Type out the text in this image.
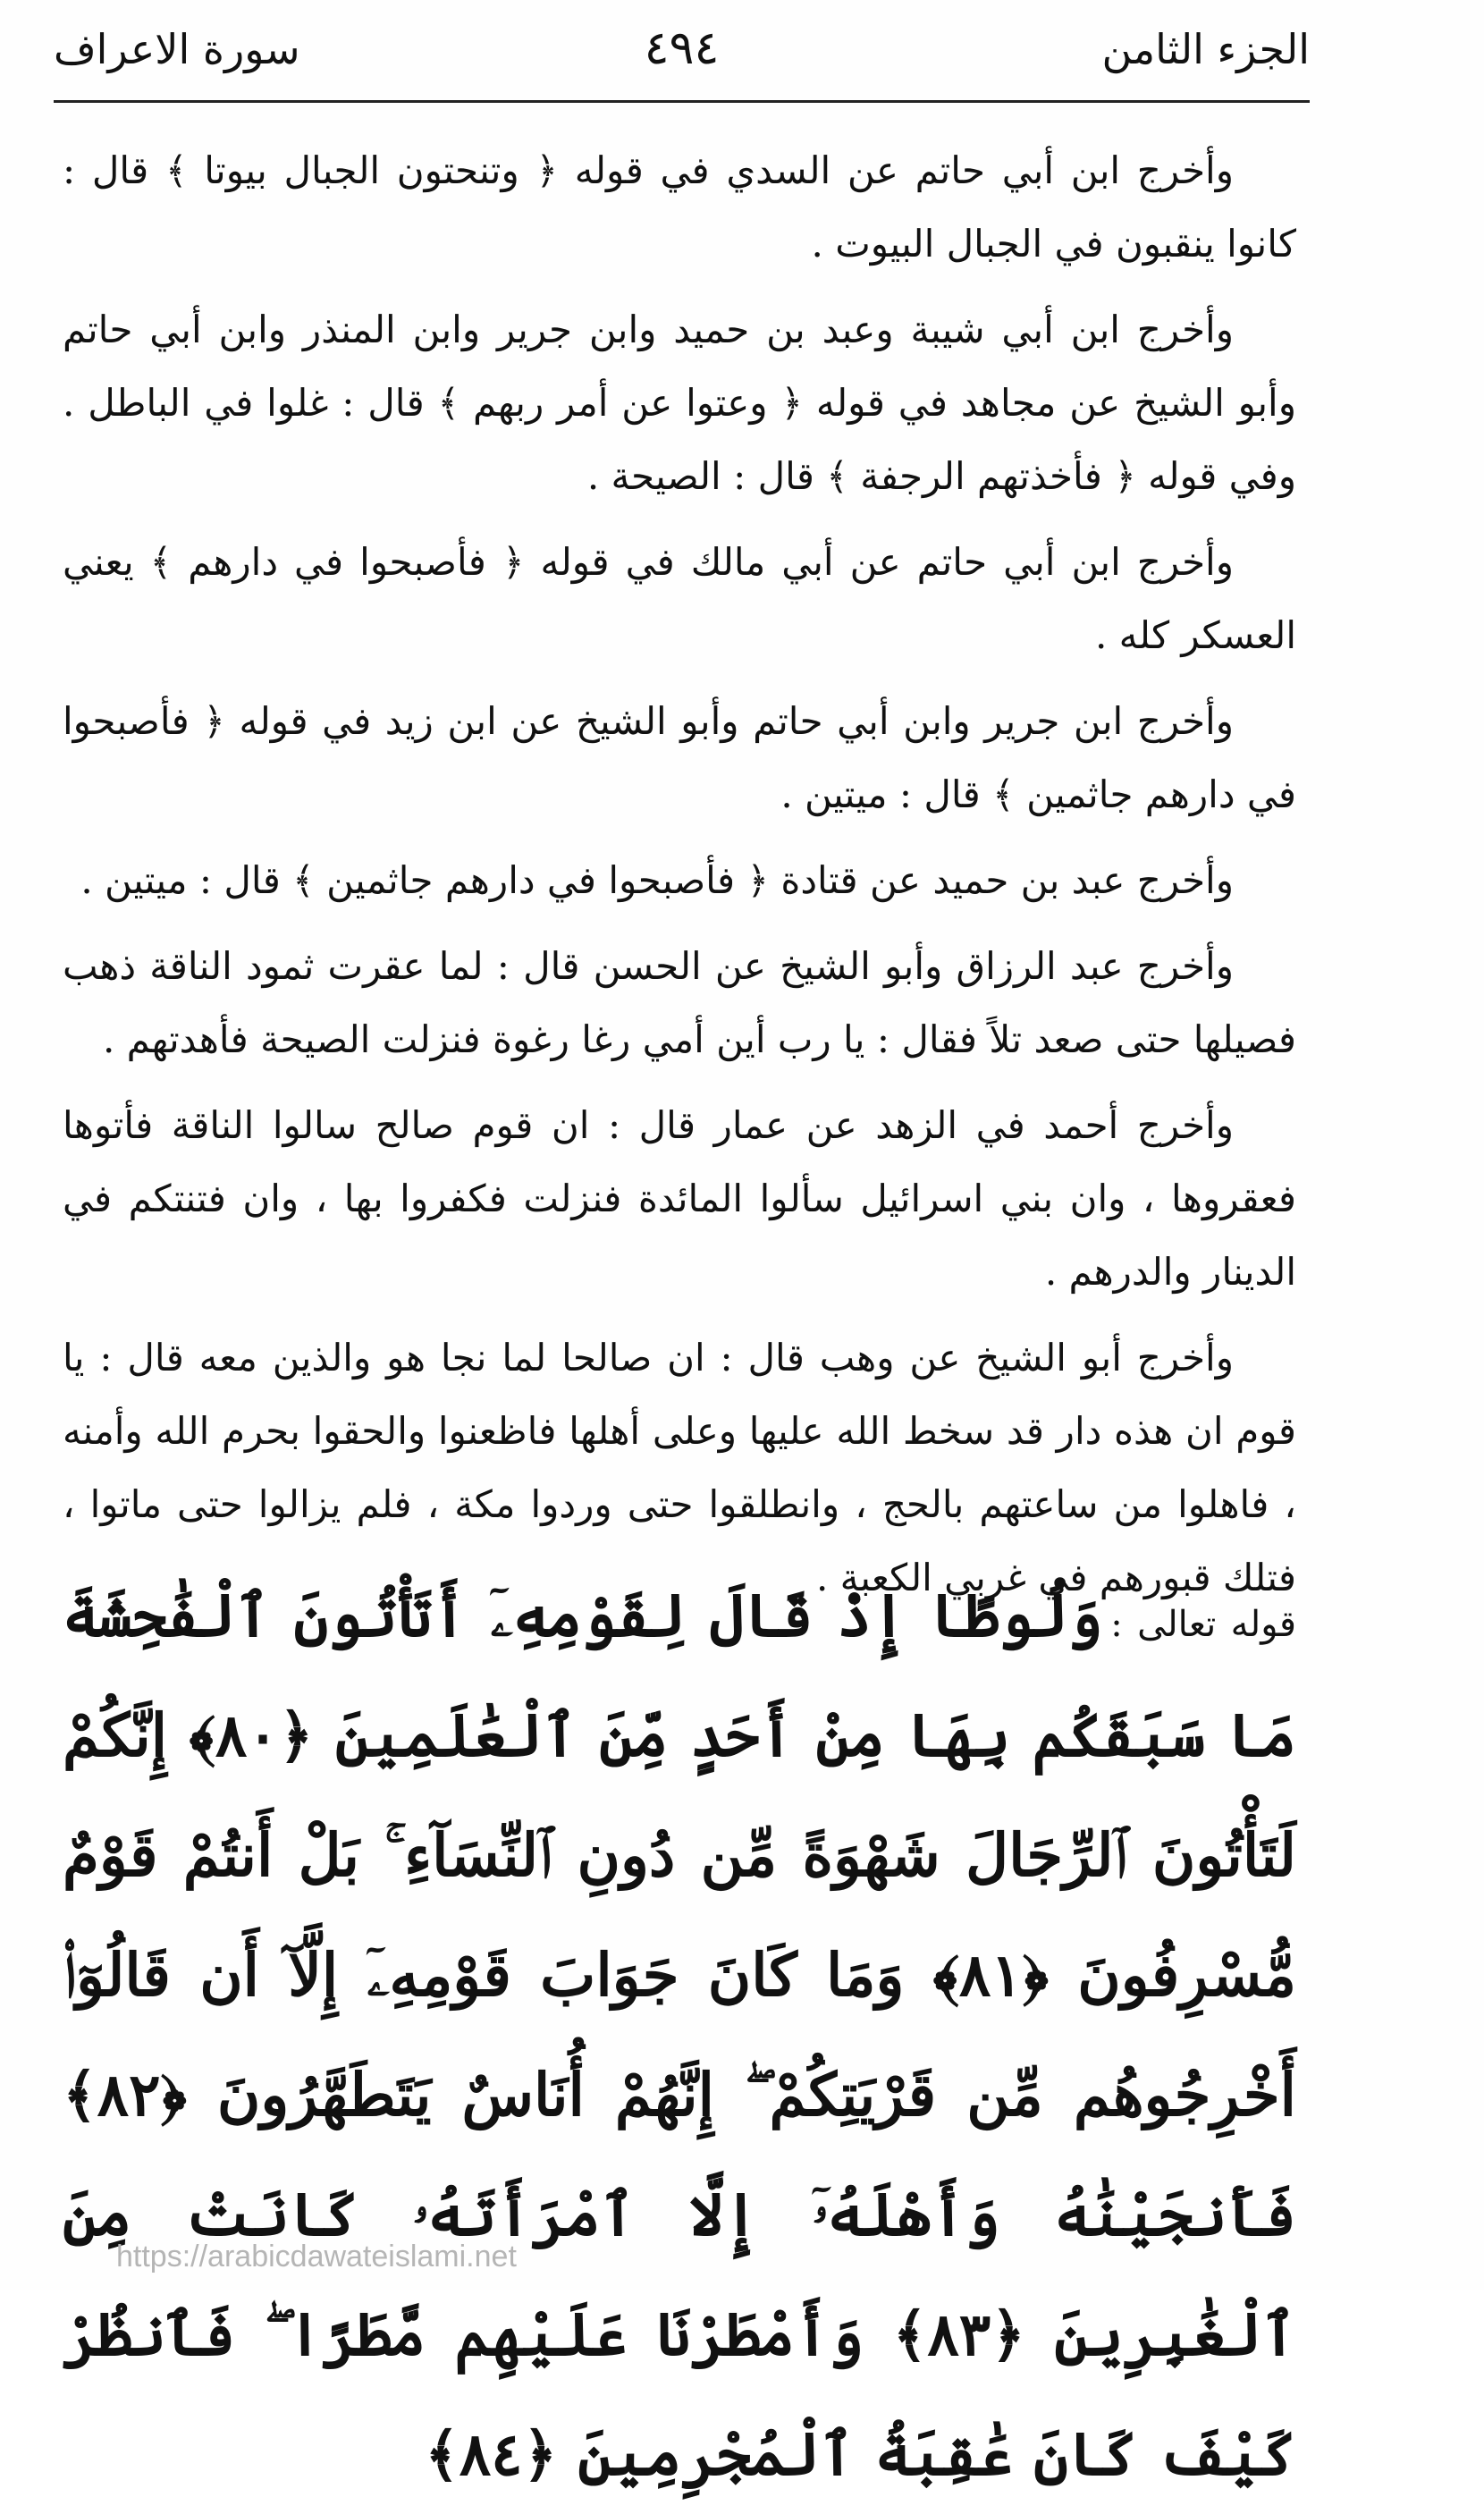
الجزء الثامن
٤٩٤
سورة الاعراف

وأخرج ابن أبي حاتم عن السدي في قوله ﴿ وتنحتون الجبال بيوتا ﴾ قال : كانوا ينقبون في الجبال البيوت .

وأخرج ابن أبي شيبة وعبد بن حميد وابن جرير وابن المنذر وابن أبي حاتم وأبو الشيخ عن مجاهد في قوله ﴿ وعتوا عن أمر ربهم ﴾ قال : غلوا في الباطل . وفي قوله ﴿ فأخذتهم الرجفة ﴾ قال : الصيحة .

وأخرج ابن أبي حاتم عن أبي مالك في قوله ﴿ فأصبحوا في دارهم ﴾ يعني العسكر كله .

وأخرج ابن جرير وابن أبي حاتم وأبو الشيخ عن ابن زيد في قوله ﴿ فأصبحوا في دارهم جاثمين ﴾ قال : ميتين .

وأخرج عبد بن حميد عن قتادة ﴿ فأصبحوا في دارهم جاثمين ﴾ قال : ميتين .

وأخرج عبد الرزاق وأبو الشيخ عن الحسن قال : لما عقرت ثمود الناقة ذهب فصيلها حتى صعد تلاً فقال : يا رب أين أمي رغا رغوة فنزلت الصيحة فأهدتهم .

وأخرج أحمد في الزهد عن عمار قال : ان قوم صالح سالوا الناقة فأتوها فعقروها ، وان بني اسرائيل سألوا المائدة فنزلت فكفروا بها ، وان فتنتكم في الدينار والدرهم .

وأخرج أبو الشيخ عن وهب قال : ان صالحا لما نجا هو والذين معه قال : يا قوم ان هذه دار قد سخط الله عليها وعلى أهلها فاظعنوا والحقوا بحرم الله وأمنه ، فاهلوا من ساعتهم بالحج ، وانطلقوا حتى وردوا مكة ، فلم يزالوا حتى ماتوا ، فتلك قبورهم في غربي الكعبة .

قوله تعالى : وَلُوطًا إِذْ قَالَ لِقَوْمِهِۦٓ أَتَأْتُونَ ٱلْفَٰحِشَةَ مَا سَبَقَكُم بِهَا مِنْ أَحَدٍ مِّنَ ٱلْعَٰلَمِينَ ﴿٨٠﴾ إِنَّكُمْ لَتَأْتُونَ ٱلرِّجَالَ شَهْوَةً مِّن دُونِ ٱلنِّسَآءِ ۚ بَلْ أَنتُمْ قَوْمٌ مُّسْرِفُونَ ﴿٨١﴾ وَمَا كَانَ جَوَابَ قَوْمِهِۦٓ إِلَّآ أَن قَالُوٓا۟ أَخْرِجُوهُم مِّن قَرْيَتِكُمْ ۖ إِنَّهُمْ أُنَاسٌ يَتَطَهَّرُونَ ﴿٨٢﴾ فَأَنجَيْنَٰهُ وَأَهْلَهُۥٓ إِلَّا ٱمْرَأَتَهُۥ كَانَتْ مِنَ ٱلْغَٰبِرِينَ ﴿٨٣﴾ وَأَمْطَرْنَا عَلَيْهِم مَّطَرًا ۖ فَٱنظُرْ كَيْفَ كَانَ عَٰقِبَةُ ٱلْمُجْرِمِينَ ﴿٨٤﴾
https://arabicdawateislami.net
